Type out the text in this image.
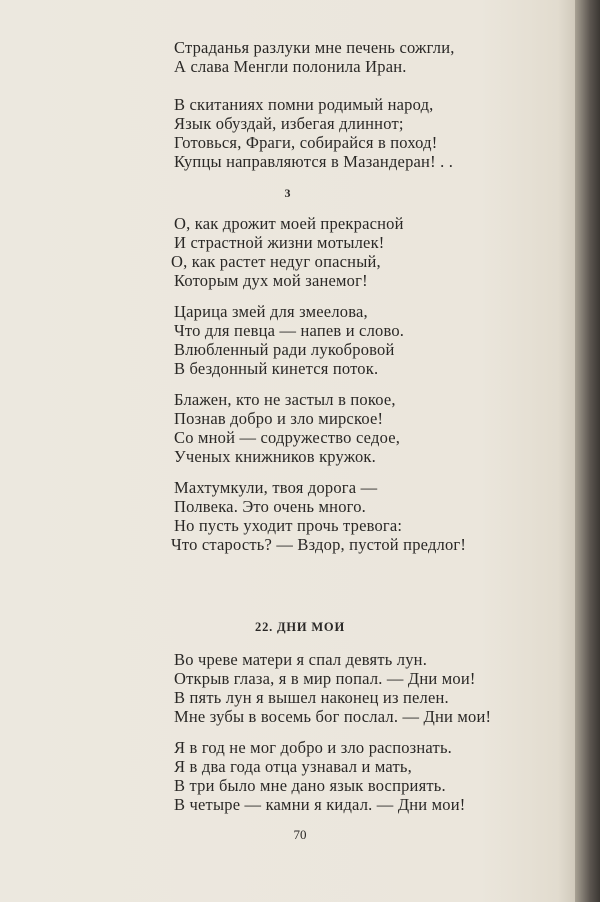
Страданья разлуки мне печень сожгли,
А слава Менгли полонила Иран.
В скитаниях помни родимый народ,
Язык обуздай, избегая длиннот;
Готовься, Фраги, собирайся в поход!
Купцы направляются в Мазандеран! . .
3
О, как дрожит моей прекрасной
И страстной жизни мотылек!
О, как растет недуг опасный,
Которым дух мой занемог!
Царица змей для змеелова,
Что для певца — напев и слово.
Влюбленный ради лукобровой
В бездонный кинется поток.
Блажен, кто не застыл в покое,
Познав добро и зло мирское!
Со мной — содружество седое,
Ученых книжников кружок.
Махтумкули, твоя дорога —
Полвека. Это очень много.
Но пусть уходит прочь тревога:
Что старость? — Вздор, пустой предлог!
22. ДНИ МОИ
Во чреве матери я спал девять лун.
Открыв глаза, я в мир попал. — Дни мои!
В пять лун я вышел наконец из пелен.
Мне зубы в восемь бог послал. — Дни мои!
Я в год не мог добро и зло распознать.
Я в два года отца узнавал и мать,
В три было мне дано язык восприять.
В четыре — камни я кидал. — Дни мои!
70
